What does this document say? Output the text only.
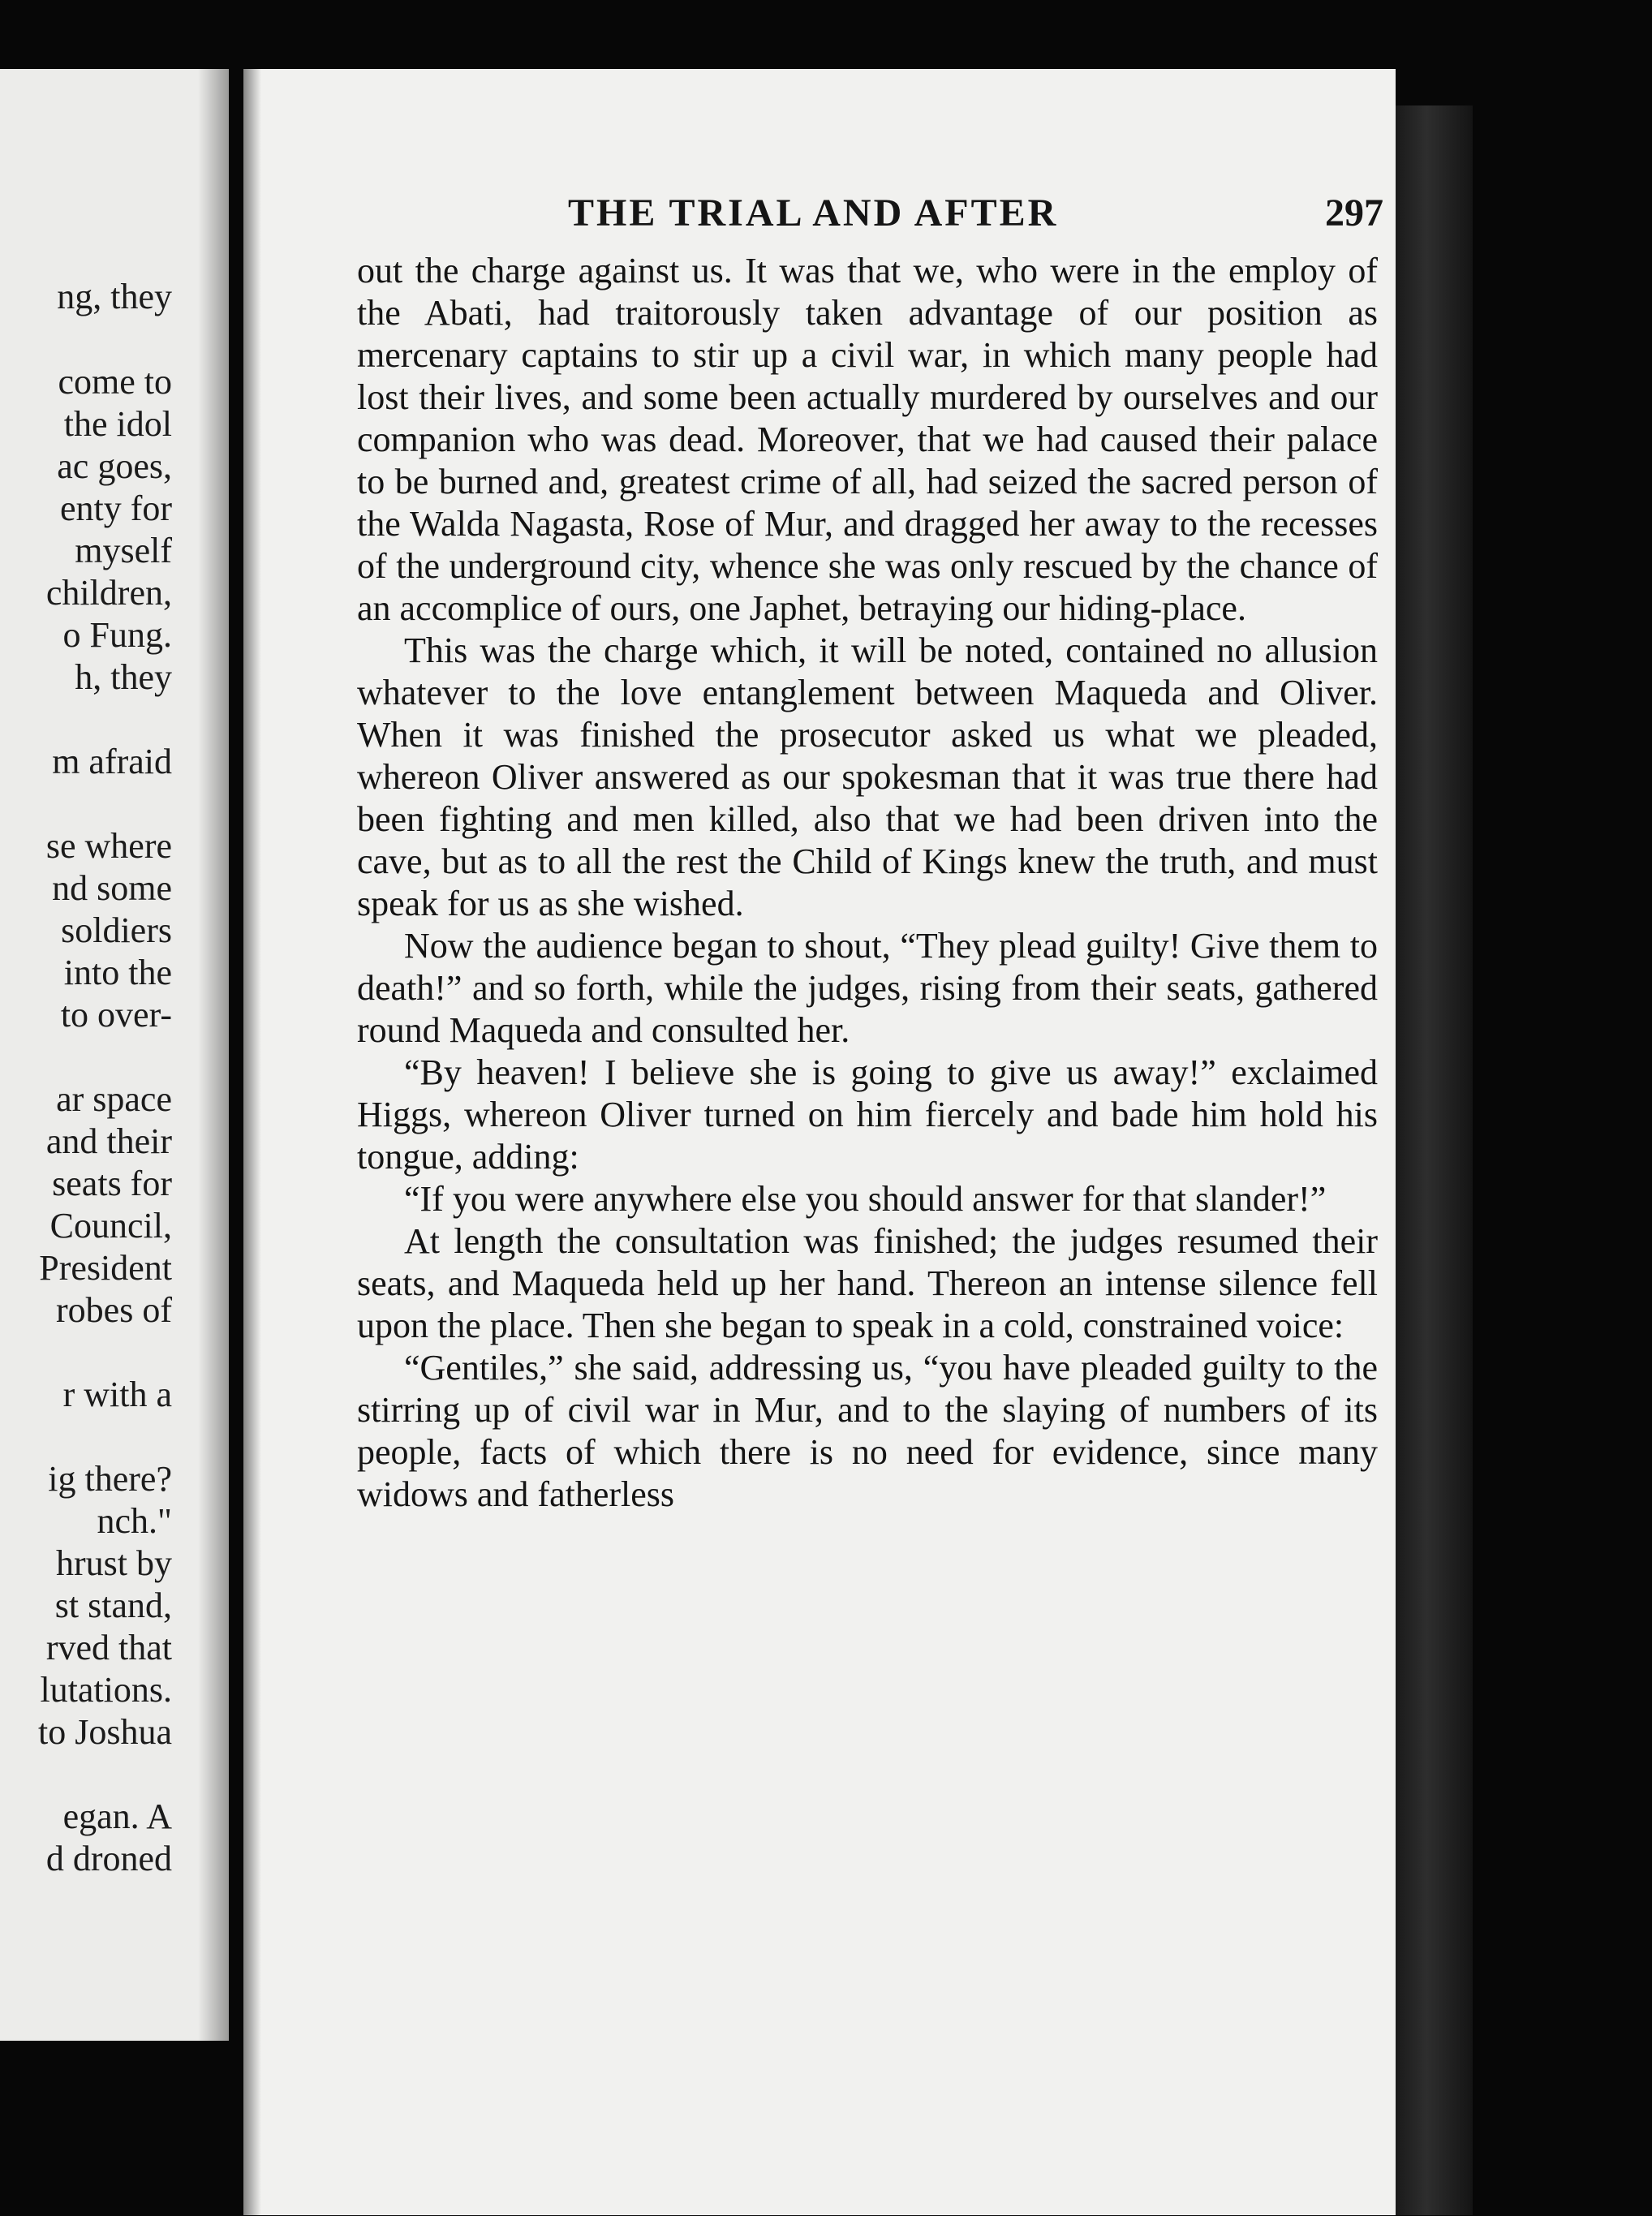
ng, they
come to
the idol
ac goes,
enty for
myself
children,
o Fung.
h, they
m afraid
se where
nd some
soldiers
into the
to over-
ar space
and their
seats for
Council,
President
robes of
r with a
ig there?
nch."
hrust by
st stand,
rved that
lutations.
to Joshua
egan. A
d droned
THE TRIAL AND AFTER	297

out the charge against us. It was that we, who were in the employ of the Abati, had traitorously taken advantage of our position as mercenary captains to stir up a civil war, in which many people had lost their lives, and some been actually murdered by ourselves and our companion who was dead. Moreover, that we had caused their palace to be burned and, greatest crime of all, had seized the sacred person of the Walda Nagasta, Rose of Mur, and dragged her away to the recesses of the underground city, whence she was only rescued by the chance of an accomplice of ours, one Japhet, betraying our hiding-place.

This was the charge which, it will be noted, contained no allusion whatever to the love entanglement between Maqueda and Oliver. When it was finished the prosecutor asked us what we pleaded, whereon Oliver answered as our spokesman that it was true there had been fighting and men killed, also that we had been driven into the cave, but as to all the rest the Child of Kings knew the truth, and must speak for us as she wished.

Now the audience began to shout, “They plead guilty! Give them to death!” and so forth, while the judges, rising from their seats, gathered round Maqueda and consulted her.

“By heaven! I believe she is going to give us away!” exclaimed Higgs, whereon Oliver turned on him fiercely and bade him hold his tongue, adding:

“If you were anywhere else you should answer for that slander!”

At length the consultation was finished; the judges resumed their seats, and Maqueda held up her hand. Thereon an intense silence fell upon the place. Then she began to speak in a cold, constrained voice:

“Gentiles,” she said, addressing us, “you have pleaded guilty to the stirring up of civil war in Mur, and to the slaying of numbers of its people, facts of which there is no need for evidence, since many widows and fatherless
